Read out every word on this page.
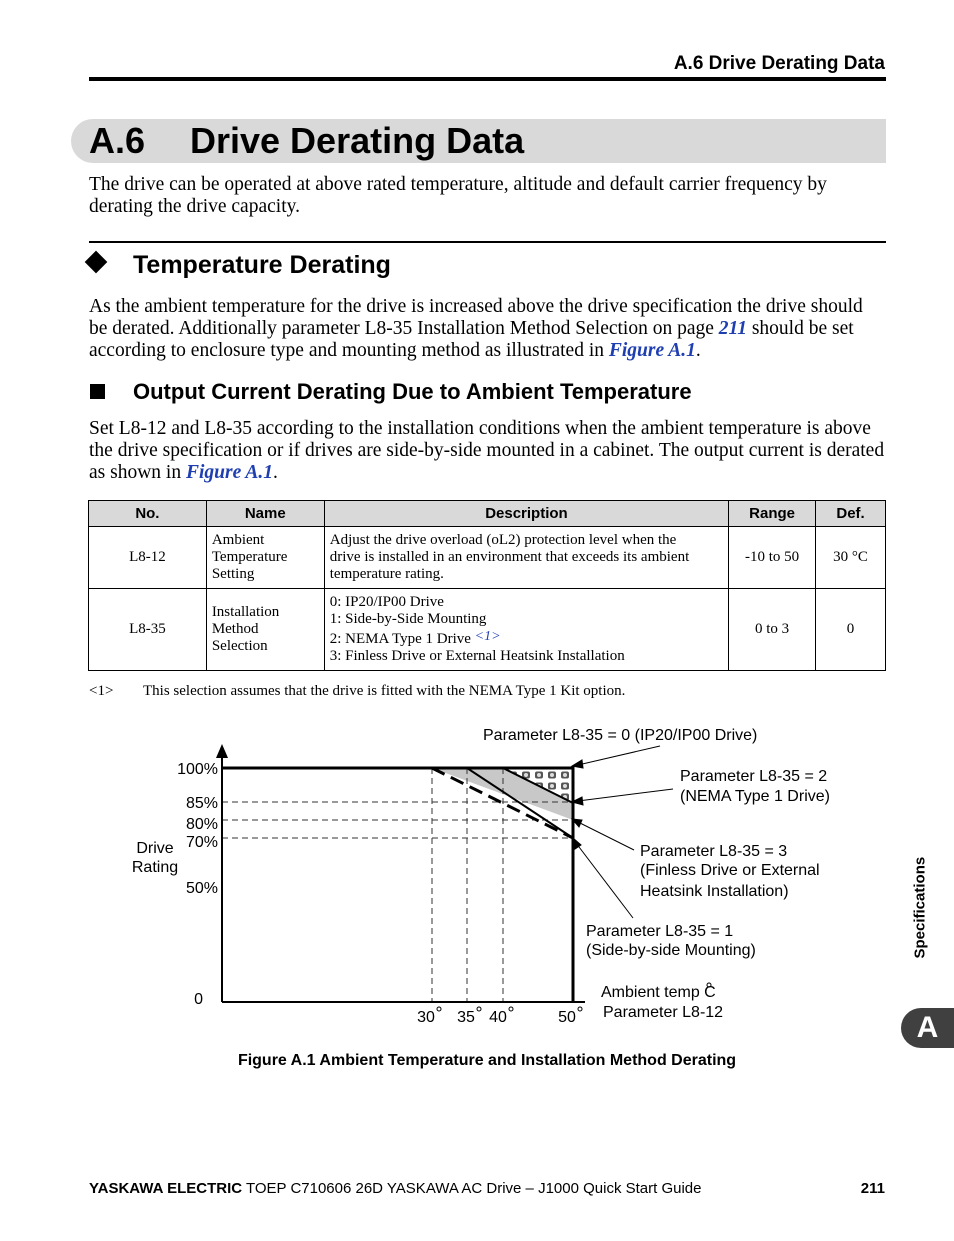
A.6 Drive Derating Data
A.6 Drive Derating Data
The drive can be operated at above rated temperature, altitude and default carrier frequency by derating the drive capacity.
Temperature Derating
As the ambient temperature for the drive is increased above the drive specification the drive should be derated. Additionally parameter L8-35 Installation Method Selection on page 211 should be set according to enclosure type and mounting method as illustrated in Figure A.1.
Output Current Derating Due to Ambient Temperature
Set L8-12 and L8-35 according to the installation conditions when the ambient temperature is above the drive specification or if drives are side-by-side mounted in a cabinet. The output current is derated as shown in Figure A.1.
No.	Name	Description	Range	Def.
L8-12	Ambient
Temperature
Setting	Adjust the drive overload (oL2) protection level when the
drive is installed in an environment that exceeds its ambient
temperature rating.	-10 to 50	30 °C
L8-35	Installation
Method
Selection	0: IP20/IP00 Drive
1: Side-by-Side Mounting
2: NEMA Type 1 Drive <1>
3: Finless Drive or External Heatsink Installation	0 to 3	0
<1> This selection assumes that the drive is fitted with the NEMA Type 1 Kit option.
100%
85%
80%
70%
50%
0
Drive
Rating
30 35 40	50
Ambient temp C
Parameter L8-12
Parameter L8-35 = 0 (IP20/IP00 Drive)
Parameter L8-35 = 2
(NEMA Type 1 Drive)
Parameter L8-35 = 3
(Finless Drive or External
Heatsink Installation)
Parameter L8-35 = 1
(Side-by-side Mounting)
Figure A.1 Ambient Temperature and Installation Method Derating
Specifications
A
YASKAWA ELECTRIC TOEP C710606 26D YASKAWA AC Drive – J1000 Quick Start Guide	211
